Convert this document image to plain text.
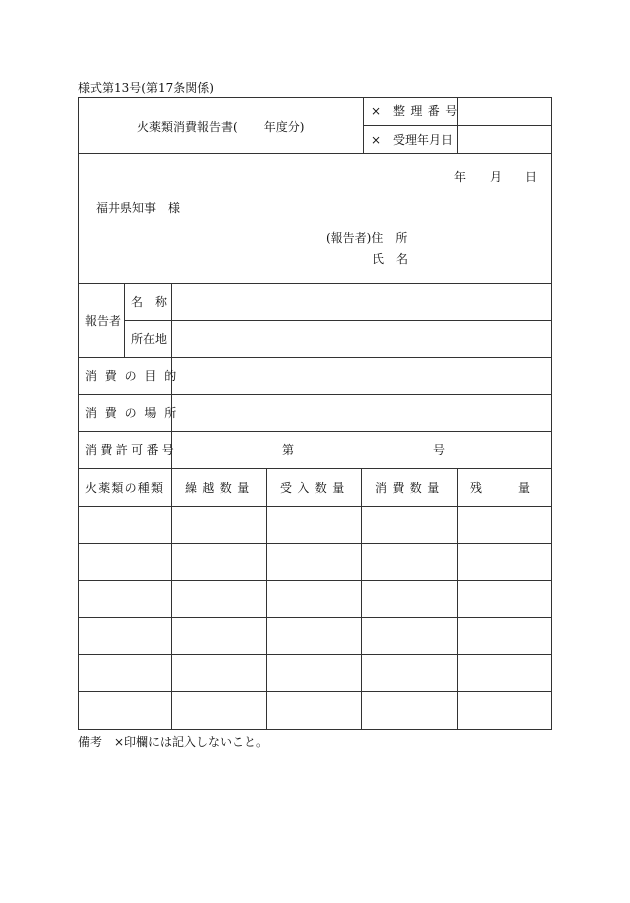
様式第13号(第17条関係)
火薬類消費報告書( 年度分)
× 整理番号
× 受理年月日
年 月 日
福井県知事　様
(報告者)住　所
氏　名
報告者
名　称
所在地
消費の目的
消費の場所
消費許可番号	第	号
火薬類の種類 繰越数量 受入数量 消費数量 残　　　量
備考　×印欄には記入しないこと。
